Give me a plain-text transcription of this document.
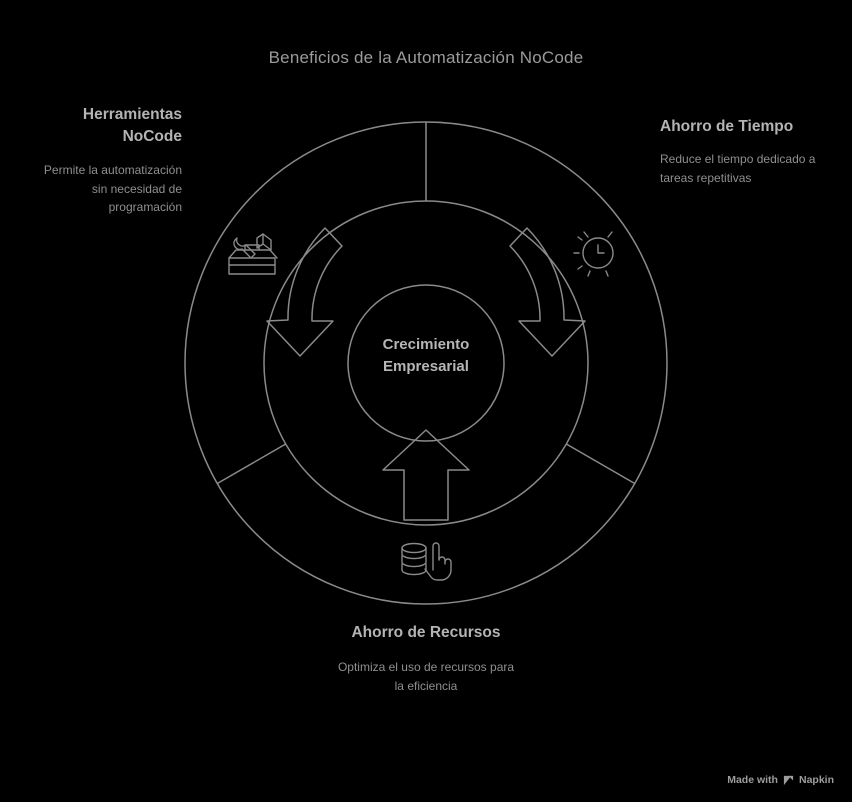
Beneficios de la Automatización NoCode
Crecimiento
Empresarial
Herramientas NoCode
Permite la automatización sin necesidad de programación
Ahorro de Tiempo
Reduce el tiempo dedicado a tareas repetitivas
Ahorro de Recursos
Optimiza el uso de recursos para la eficiencia
Made with Napkin
